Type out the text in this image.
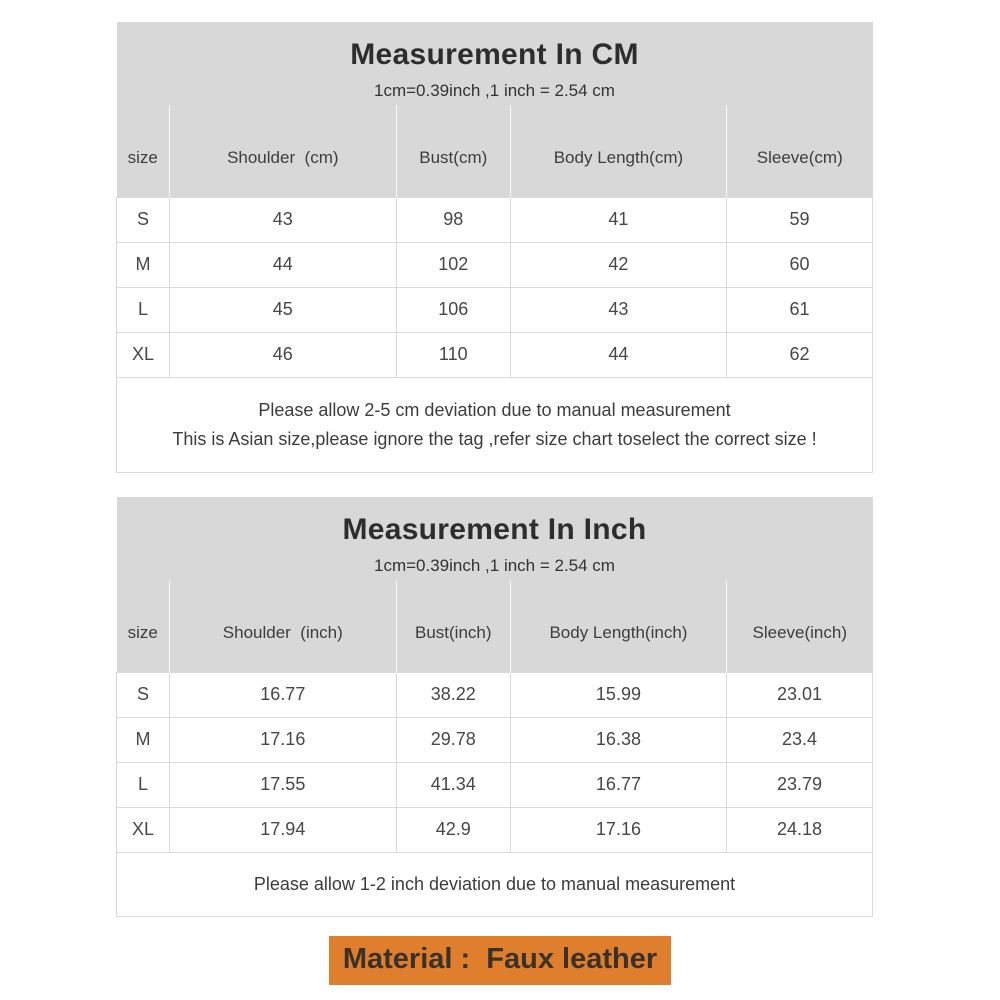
Measurement In CM				
1cm=0.39inch ,1 inch = 2.54 cm				
size	Shoulder  (cm)	Bust(cm)	Body Length(cm)	Sleeve(cm)
S	43	98	41	59
M	44	102	42	60
L	45	106	43	61
XL	46	110	44	62

Please allow 2-5 cm deviation due to manual measurement
This is Asian size,please ignore the tag ,refer size chart toselect the correct size !				
Measurement In Inch				
1cm=0.39inch ,1 inch = 2.54 cm				
size	Shoulder  (inch)	Bust(inch)	Body Length(inch)	Sleeve(inch)
S	16.77	38.22	15.99	23.01
M	17.16	29.78	16.38	23.4
L	17.55	41.34	16.77	23.79
XL	17.94	42.9	17.16	24.18

Please allow 1-2 inch deviation due to manual measurement				
Material :  Faux leather
